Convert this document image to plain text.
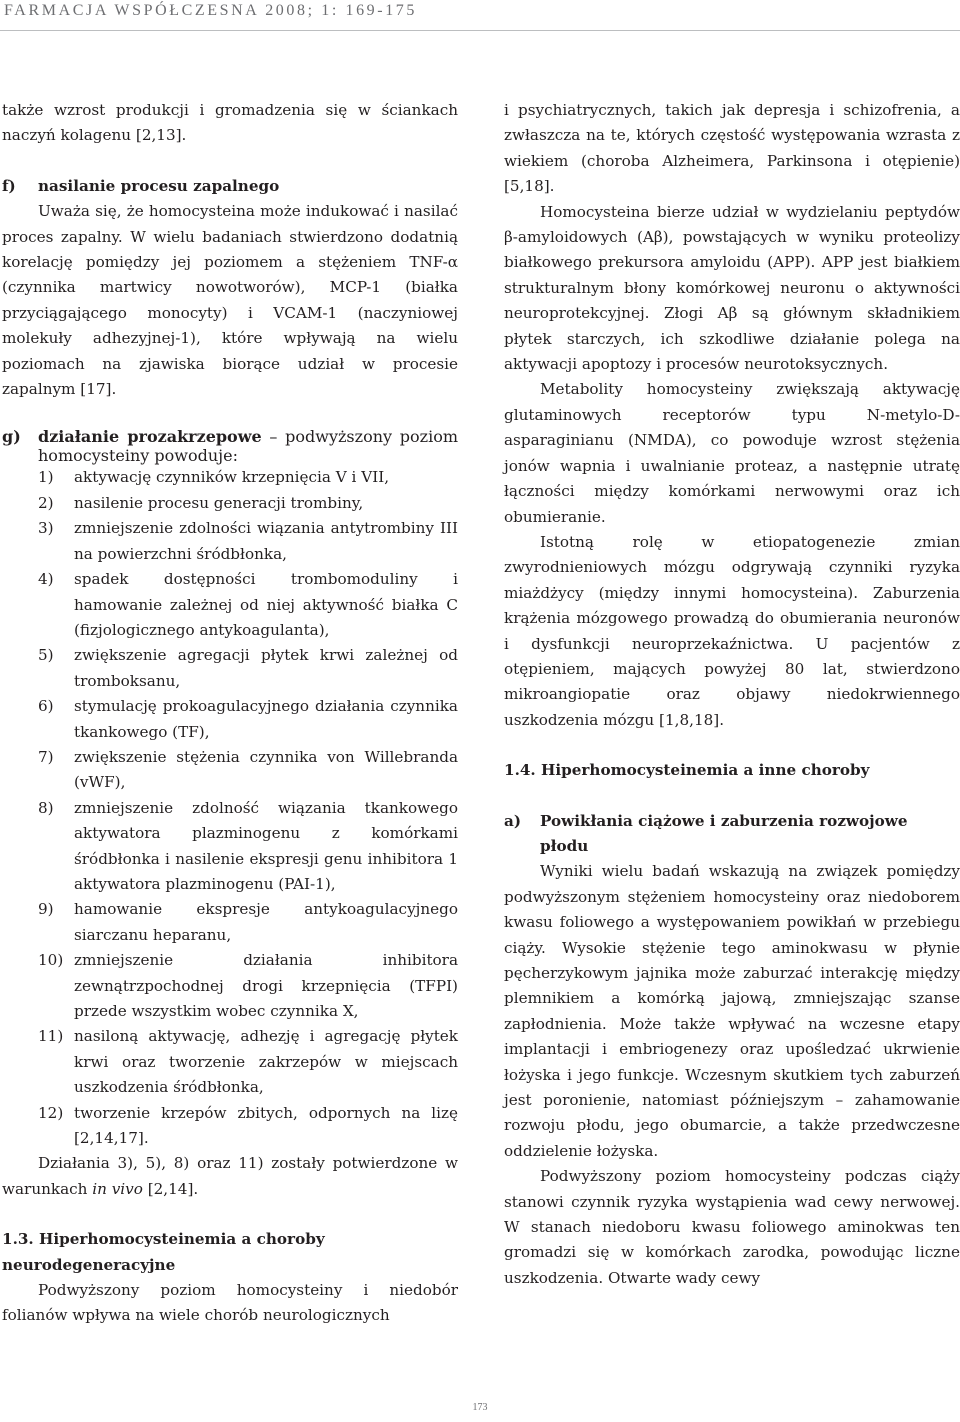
FARMACJA WSPÓŁCZESNA 2008; 1: 169-175

także wzrost produkcji i gromadzenia się w ściankach naczyń kolagenu [2,13].

f) nasilanie procesu zapalnego

Uważa się, że homocysteina może indukować i nasilać proces zapalny. W wielu badaniach stwierdzono dodatnią korelację pomiędzy jej poziomem a stężeniem TNF-α (czynnika martwicy nowotworów), MCP-1 (białka przyciągającego monocyty) i VCAM-1 (naczyniowej molekuły adhezyjnej-1), które wpływają na wielu poziomach na zjawiska biorące udział w procesie zapalnym [17].

g) działanie prozakrzepowe – podwyższony poziom homocysteiny powoduje:
1) aktywację czynników krzepnięcia V i VII,
2) nasilenie procesu generacji trombiny,
3) zmniejszenie zdolności wiązania antytrombiny III na powierzchni śródbłonka,
4) spadek dostępności trombomoduliny i hamowanie zależnej od niej aktywność białka C (fizjologicznego antykoagulanta),
5) zwiększenie agregacji płytek krwi zależnej od tromboksanu,
6) stymulację prokoagulacyjnego działania czynnika tkankowego (TF),
7) zwiększenie stężenia czynnika von Willebranda (vWF),
8) zmniejszenie zdolność wiązania tkankowego aktywatora plazminogenu z komórkami śródbłonka i nasilenie ekspresji genu inhibitora 1 aktywatora plazminogenu (PAI-1),
9) hamowanie ekspresje antykoagulacyjnego siarczanu heparanu,
10) zmniejszenie działania inhibitora zewnątrzpochodnej drogi krzepnięcia (TFPI) przede wszystkim wobec czynnika X,
11) nasiloną aktywację, adhezję i agregację płytek krwi oraz tworzenie zakrzepów w miejscach uszkodzenia śródbłonka,
12) tworzenie krzepów zbitych, odpornych na lizę [2,14,17].

Działania 3), 5), 8) oraz 11) zostały potwierdzone w warunkach in vivo [2,14].

1.3. Hiperhomocysteinemia a choroby neurodegeneracyjne

Podwyższony poziom homocysteiny i niedobór folianów wpływa na wiele chorób neurologicznych

i psychiatrycznych, takich jak depresja i schizofrenia, a zwłaszcza na te, których częstość występowania wzrasta z wiekiem (choroba Alzheimera, Parkinsona i otępienie) [5,18].

Homocysteina bierze udział w wydzielaniu peptydów β-amyloidowych (Aβ), powstających w wyniku proteolizy białkowego prekursora amyloidu (APP). APP jest białkiem strukturalnym błony komórkowej neuronu o aktywności neuroprotekcyjnej. Złogi Aβ są głównym składnikiem płytek starczych, ich szkodliwe działanie polega na aktywacji apoptozy i procesów neurotoksycznych.

Metabolity homocysteiny zwiększają aktywację glutaminowych receptorów typu N-metylo-D-asparaginianu (NMDA), co powoduje wzrost stężenia jonów wapnia i uwalnianie proteaz, a następnie utratę łączności między komórkami nerwowymi oraz ich obumieranie.

Istotną rolę w etiopatogenezie zmian zwyrodnieniowych mózgu odgrywają czynniki ryzyka miażdżycy (między innymi homocysteina). Zaburzenia krążenia mózgowego prowadzą do obumierania neuronów i dysfunkcji neuroprzekaźnictwa. U pacjentów z otępieniem, mających powyżej 80 lat, stwierdzono mikroangiopatie oraz objawy niedokrwiennego uszkodzenia mózgu [1,8,18].

1.4. Hiperhomocysteinemia a inne choroby
a) Powikłania ciążowe i zaburzenia rozwojowe płodu

Wyniki wielu badań wskazują na związek pomiędzy podwyższonym stężeniem homocysteiny oraz niedoborem kwasu foliowego a występowaniem powikłań w przebiegu ciąży. Wysokie stężenie tego aminokwasu w płynie pęcherzykowym jajnika może zaburzać interakcję między plemnikiem a komórką jajową, zmniejszając szanse zapłodnienia. Może także wpływać na wczesne etapy implantacji i embriogenezy oraz upośledzać ukrwienie łożyska i jego funkcje. Wczesnym skutkiem tych zaburzeń jest poronienie, natomiast późniejszym – zahamowanie rozwoju płodu, jego obumarcie, a także przedwczesne oddzielenie łożyska.

Podwyższony poziom homocysteiny podczas ciąży stanowi czynnik ryzyka wystąpienia wad cewy nerwowej. W stanach niedoboru kwasu foliowego aminokwas ten gromadzi się w komórkach zarodka, powodując liczne uszkodzenia. Otwarte wady cewy

173
